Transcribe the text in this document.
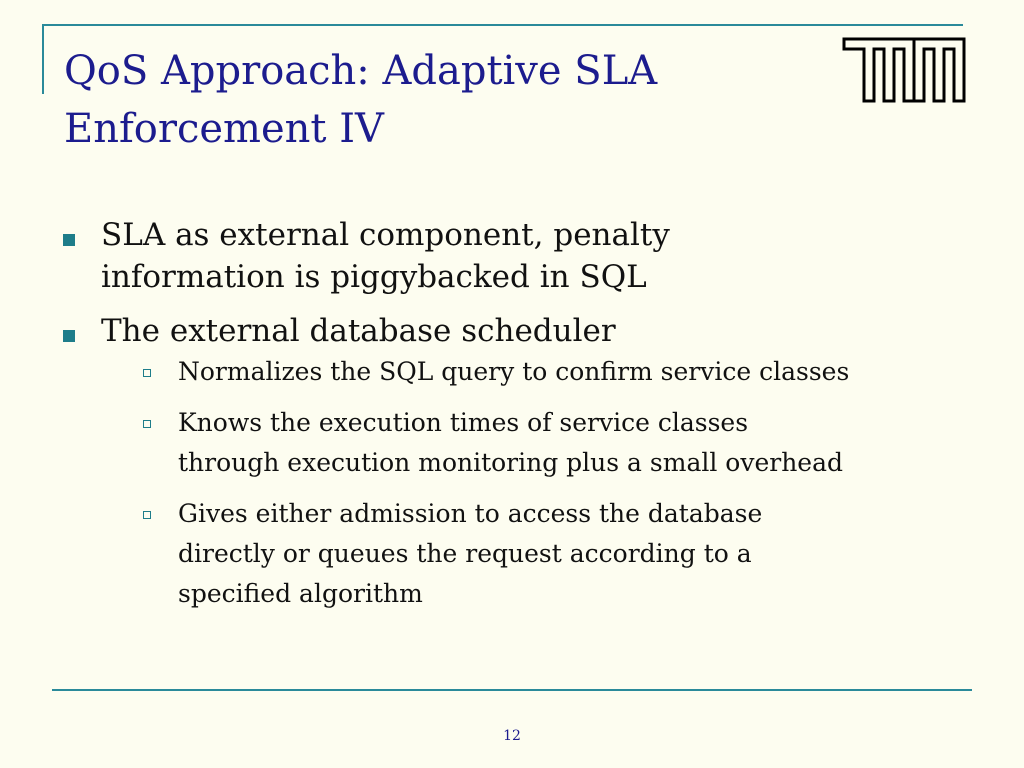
QoS Approach: Adaptive SLA
Enforcement IV
SLA as external component, penalty
information is piggybacked in SQL
The external database scheduler
Normalizes the SQL query to confirm service classes
Knows the execution times of service classes
through execution monitoring plus a small overhead
Gives either admission to access the database
directly or queues the request according to a
specified algorithm
12
